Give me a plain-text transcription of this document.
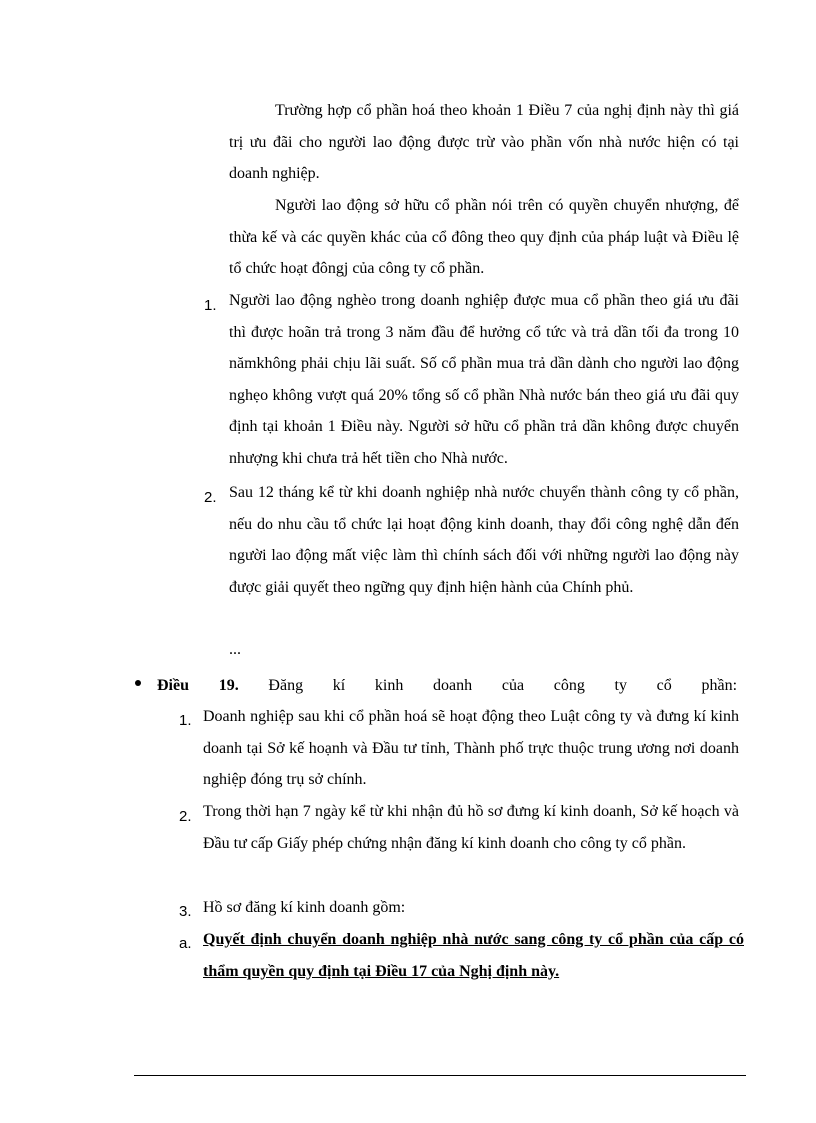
Trường hợp cổ phần hoá theo khoản 1 Điều 7 của nghị định này thì giá trị ưu đãi cho người lao động được trừ vào phần vốn nhà nước hiện có tại doanh nghiệp.
Người lao động sở hữu cổ phần nói trên có quyền chuyển nhượng, để thừa kế và các quyền khác của cổ đông theo quy định của pháp luật và Điều lệ tổ chức hoạt đôngj của công ty cổ phần.
1. Người lao động nghèo trong doanh nghiệp được mua cổ phần theo giá ưu đãi thì được hoãn trả trong 3 năm đầu để hưởng cổ tức và trả dần tối đa trong 10 nămkhông phải chịu lãi suất. Số cổ phần mua trả dần dành cho người lao động nghẹo không vượt quá 20% tổng số cổ phần Nhà nước bán theo giá ưu đãi quy định tại khoản 1 Điều này. Người sở hữu cổ phần trả dần không được chuyển nhượng khi chưa trả hết tiền cho Nhà nước.
2. Sau 12 tháng kể từ khi doanh nghiệp nhà nước chuyển thành công ty cổ phần, nếu do nhu cầu tổ chức lại hoạt động kinh doanh, thay đổi công nghệ dẫn đến người lao động mất việc làm thì chính sách đối với những người lao động này được giải quyết theo ngững quy định hiện hành của Chính phủ.
...
Điều 19. Đăng kí kinh doanh của công ty cổ phần:
1. Doanh nghiệp sau khi cổ phần hoá sẽ hoạt động theo Luật công ty và đưng kí kinh doanh tại Sở kế hoạnh và Đầu tư tỉnh, Thành phố trực thuộc trung ương nơi doanh nghiệp đóng trụ sở chính.
2. Trong thời hạn 7 ngày kể từ khi nhận đủ hồ sơ đưng kí kinh doanh, Sở kế hoạch và Đầu tư cấp Giấy phép chứng nhận đăng kí kinh doanh cho công ty cổ phần.
3. Hồ sơ đăng kí kinh doanh gồm:
a. Quyết định chuyển doanh nghiệp nhà nước sang công ty cổ phần của cấp có thẩm quyền quy định tại Điều 17 của Nghị định này.
